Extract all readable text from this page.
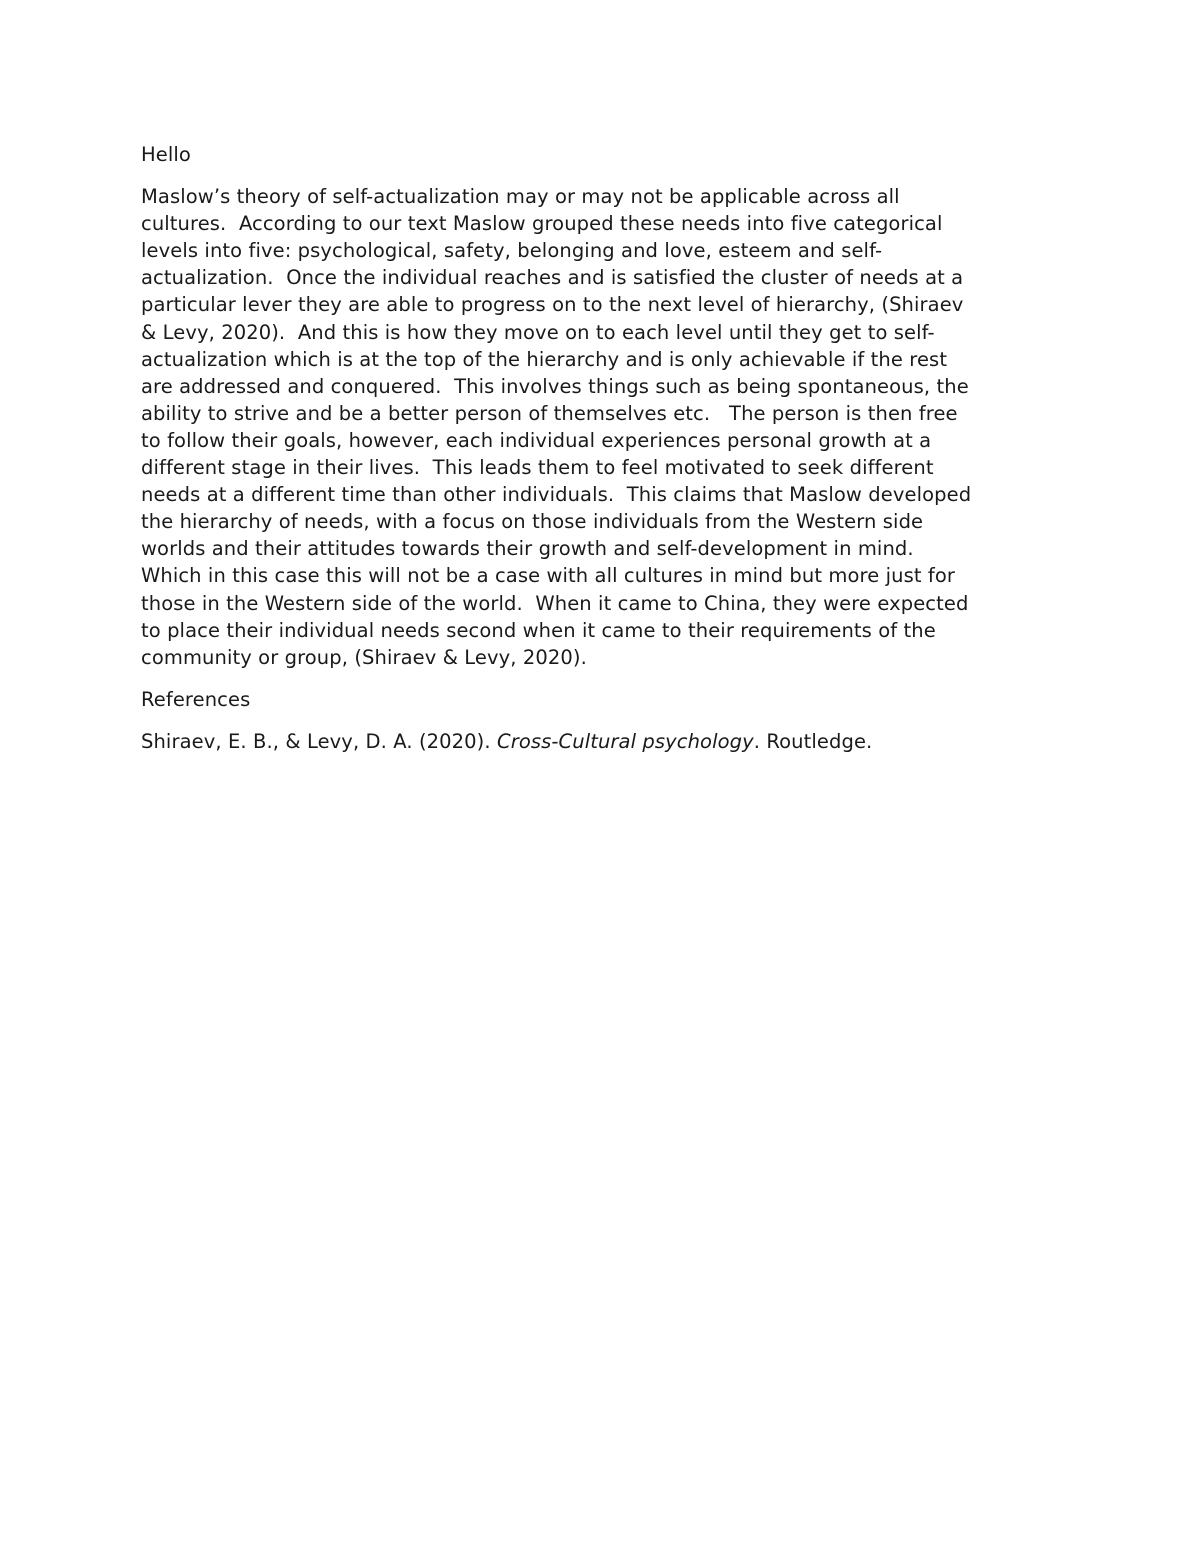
Hello
Maslow’s theory of self-actualization may or may not be applicable across all
cultures.  According to our text Maslow grouped these needs into five categorical
levels into five: psychological, safety, belonging and love, esteem and self-
actualization.  Once the individual reaches and is satisfied the cluster of needs at a
particular lever they are able to progress on to the next level of hierarchy, (Shiraev
& Levy, 2020).  And this is how they move on to each level until they get to self-
actualization which is at the top of the hierarchy and is only achievable if the rest
are addressed and conquered.  This involves things such as being spontaneous, the
ability to strive and be a better person of themselves etc.   The person is then free
to follow their goals, however, each individual experiences personal growth at a
different stage in their lives.  This leads them to feel motivated to seek different
needs at a different time than other individuals.  This claims that Maslow developed
the hierarchy of needs, with a focus on those individuals from the Western side
worlds and their attitudes towards their growth and self-development in mind.
Which in this case this will not be a case with all cultures in mind but more just for
those in the Western side of the world.  When it came to China, they were expected
to place their individual needs second when it came to their requirements of the
community or group, (Shiraev & Levy, 2020).
References
Shiraev, E. B., & Levy, D. A. (2020). Cross-Cultural psychology. Routledge.
